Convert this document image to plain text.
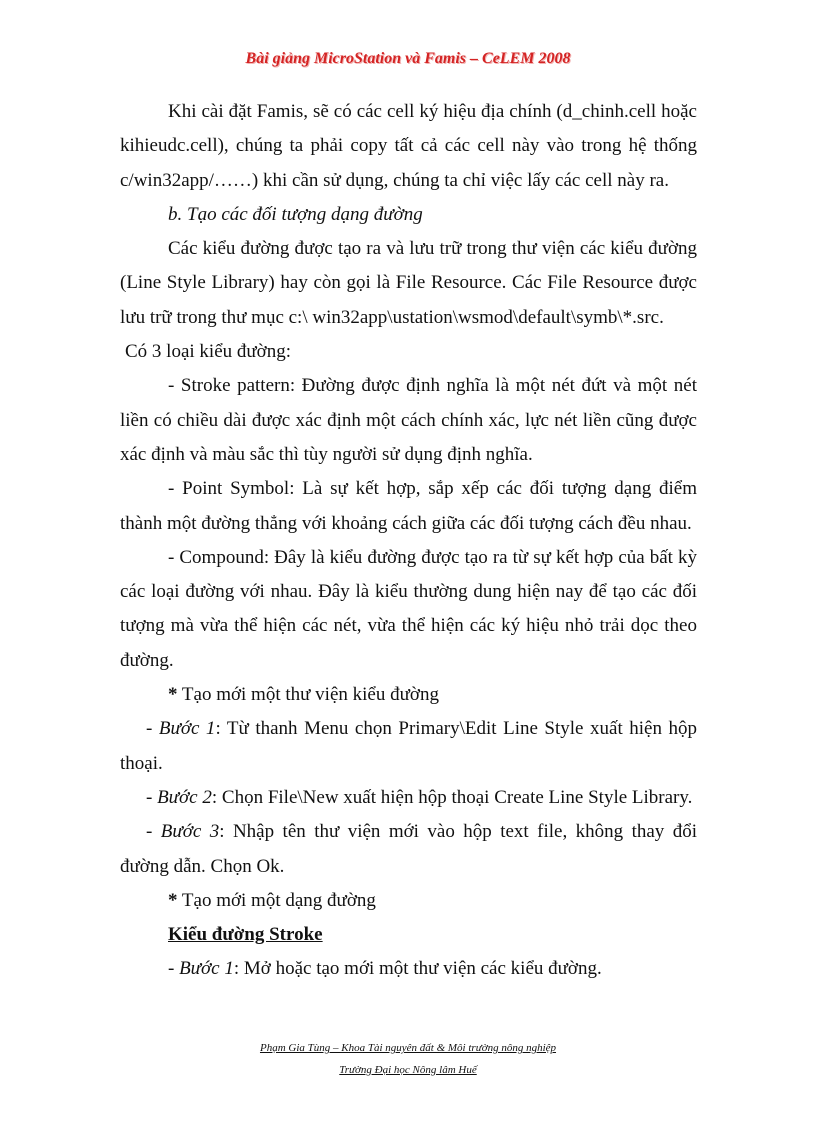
Bài giảng MicroStation và Famis – CeLEM 2008

Khi cài đặt Famis, sẽ có các cell ký hiệu địa chính (d_chinh.cell hoặc kihieudc.cell), chúng ta phải copy tất cả các cell này vào trong hệ thống c/win32app/……) khi cần sử dụng, chúng ta chỉ việc lấy các cell này ra.

b. Tạo các đối tượng dạng đường

Các kiểu đường được tạo ra và lưu trữ trong thư viện các kiểu đường (Line Style Library) hay còn gọi là File Resource. Các File Resource được lưu trữ trong thư mục c:\ win32app\ustation\wsmod\default\symb\*.src.

Có 3 loại kiểu đường:

- Stroke pattern: Đường được định nghĩa là một nét đứt và một nét liền có chiều dài được xác định một cách chính xác, lực nét liền cũng được xác định và màu sắc thì tùy người sử dụng định nghĩa.

- Point Symbol: Là sự kết hợp, sắp xếp các đối tượng dạng điểm thành một đường thẳng với khoảng cách giữa các đối tượng cách đều nhau.

- Compound: Đây là kiểu đường được tạo ra từ sự kết hợp của bất kỳ các loại đường với nhau. Đây là kiểu thường dung hiện nay để tạo các đối tượng mà vừa thể hiện các nét, vừa thể hiện các ký hiệu nhỏ trải dọc theo đường.

* Tạo mới một thư viện kiểu đường

- Bước 1: Từ thanh Menu chọn Primary\Edit Line Style xuất hiện hộp thoại.

- Bước 2: Chọn File\New xuất hiện hộp thoại Create Line Style Library.

- Bước 3: Nhập tên thư viện mới vào hộp text file, không thay đổi đường dẫn. Chọn Ok.

* Tạo mới một dạng đường

Kiểu đường Stroke

- Bước 1: Mở hoặc tạo mới một thư viện các kiểu đường.

Phạm Gia Tùng – Khoa Tài nguyên đất & Môi trường nông nghiệp
Trường Đại học Nông lâm Huế
